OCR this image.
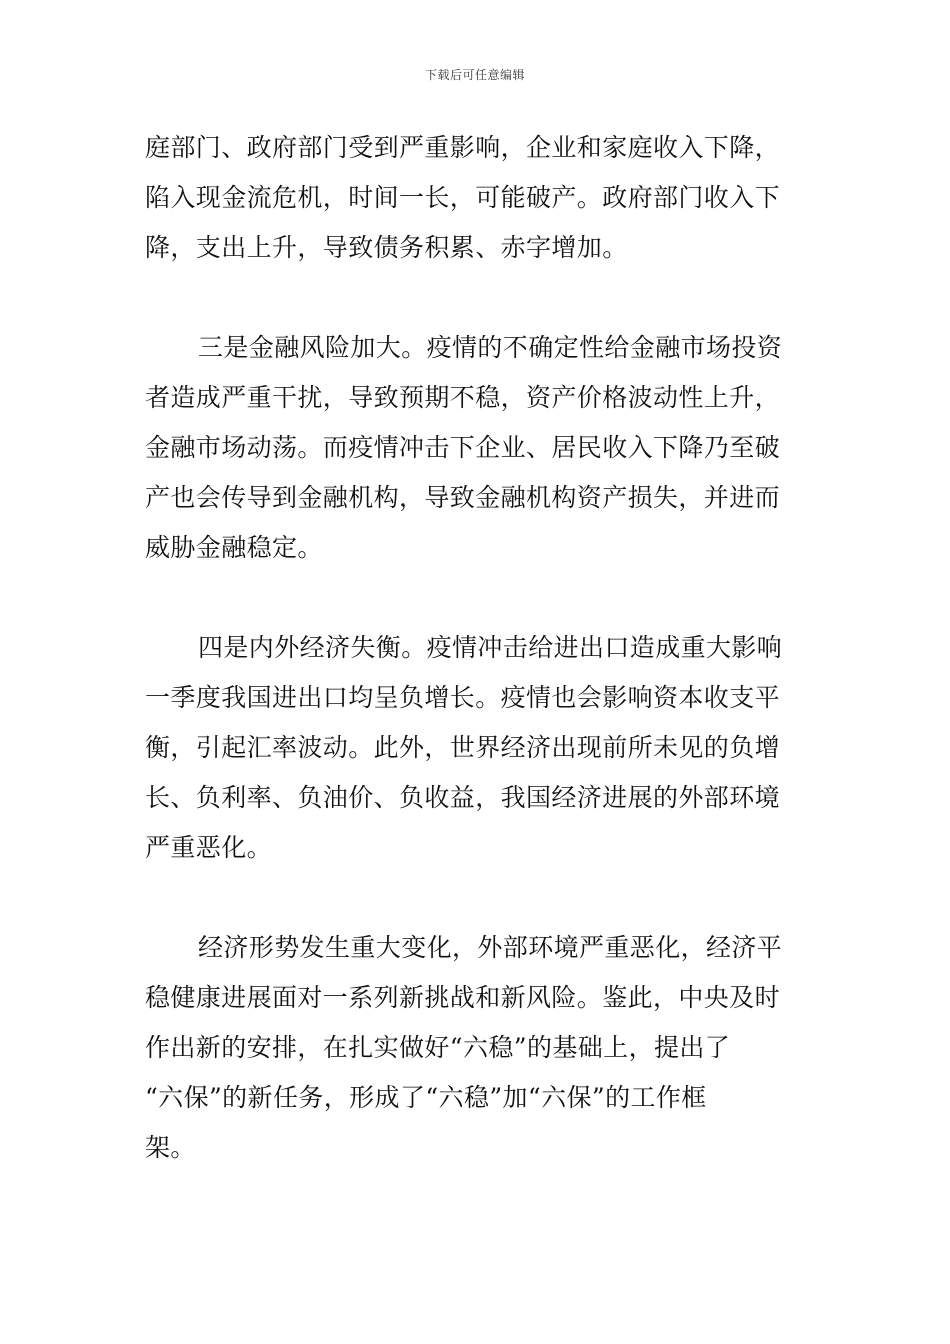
下载后可任意编辑
庭部门、政府部门受到严重影响，企业和家庭收入下降，
陷入现金流危机，时间一长，可能破产。政府部门收入下
降，支出上升，导致债务积累、赤字增加。
三是金融风险加大。疫情的不确定性给金融市场投资
者造成严重干扰，导致预期不稳，资产价格波动性上升，
金融市场动荡。而疫情冲击下企业、居民收入下降乃至破
产也会传导到金融机构，导致金融机构资产损失，并进而
威胁金融稳定。
四是内外经济失衡。疫情冲击给进出口造成重大影响
一季度我国进出口均呈负增长。疫情也会影响资本收支平
衡，引起汇率波动。此外，世界经济出现前所未见的负增
长、负利率、负油价、负收益，我国经济进展的外部环境
严重恶化。
经济形势发生重大变化，外部环境严重恶化，经济平
稳健康进展面对一系列新挑战和新风险。鉴此，中央及时
作出新的安排，在扎实做好“六稳”的基础上，提出了
“六保”的新任务，形成了“六稳”加“六保”的工作框
架。
